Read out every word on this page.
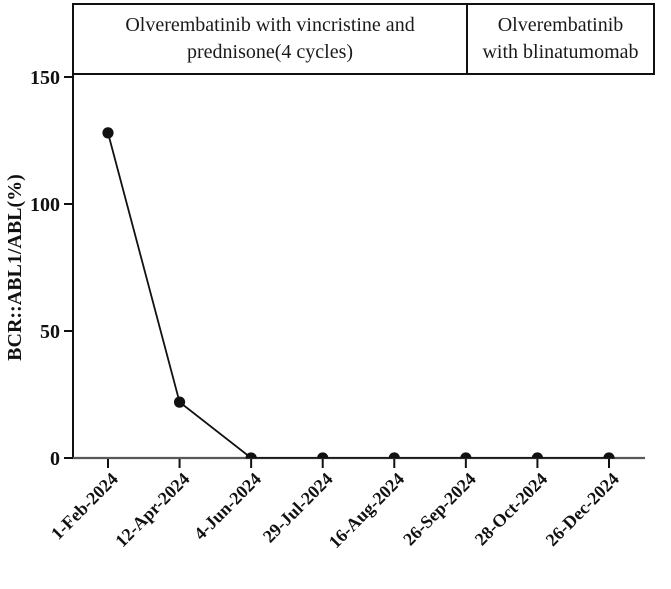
0
50
100
150
1-Feb-2024
12-Apr-2024
4-Jun-2024
29-Jul-2024
16-Aug-2024
26-Sep-2024
28-Oct-2024
26-Dec-2024
BCR::ABL1/ABL(%)
Olverembatinib with vincristine and
prednisone(4 cycles)
Olverembatinib
with blinatumomab
